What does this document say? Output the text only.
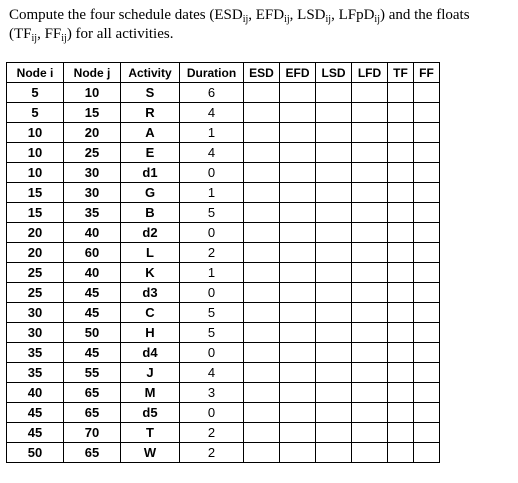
Compute the four schedule dates ($ESD_{ij}$, $EFD_{ij}$, $LSD_{ij}$, LFpD$_{ij}$) and the floats
($TF_{ij}$, $FF_{ij}$) for all activities.
Node i	Node j	Activity	Duration	ESD	EFD	LSD	LFD	TF	FF
5	10	S	6						
5	15	R	4						
10	20	A	1						
10	25	E	4						
10	30	d1	0						
15	30	G	1						
15	35	B	5						
20	40	d2	0						
20	60	L	2						
25	40	K	1						
25	45	d3	0						
30	45	C	5						
30	50	H	5						
35	45	d4	0						
35	55	J	4						
40	65	M	3						
45	65	d5	0						
45	70	T	2						
50	65	W	2						
